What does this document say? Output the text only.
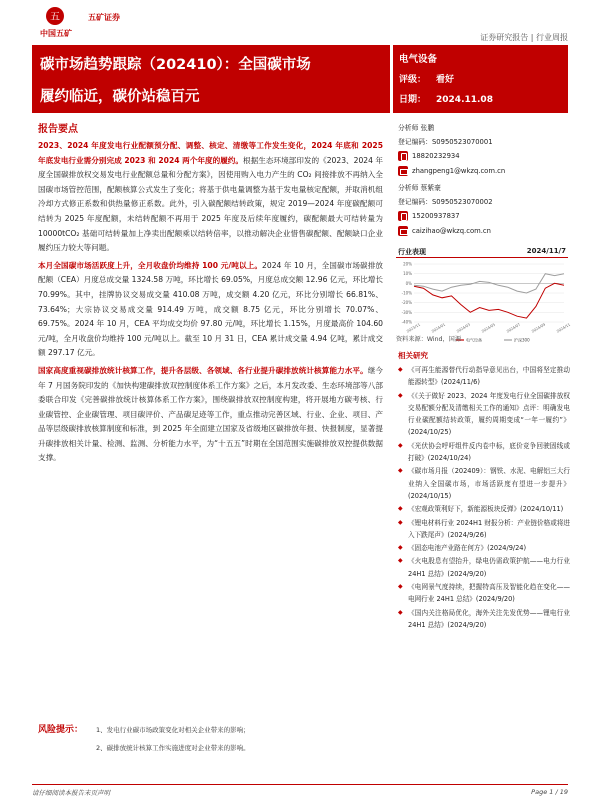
五
中国五矿
五矿证券
证券研究报告 | 行业周报
碳市场趋势跟踪（202410）：全国碳市场
履约临近，碳价站稳百元
电气设备
评级： 看好
日期： 2024.11.08
报告要点
2023、2024 年度发电行业配额预分配、调整、核定、清缴等工作发生变化，2024 年底和 2025 年底发电行业需分别完成 2023 和 2024 两个年度的履约。根据生态环境部印发的《2023、2024 年度全国碳排放权交易发电行业配额总量和分配方案》，因使用购入电力产生的 CO₂ 间接排放不再纳入全国碳市场管控范围，配额核算公式发生了变化；将基于供电量调整为基于发电量核定配额，并取消机组冷却方式修正系数和供热量修正系数。此外，引入碳配额结转政策，规定 2019—2024 年度碳配额可结转为 2025 年度配额，未结转配额不再用于 2025 年度及后续年度履约，碳配额最大可结转量为 10000tCO₂ 基础可结转量加上净卖出配额乘以结转倍率，以推动解决企业惜售碳配额、配额缺口企业履约压力较大等问题。
本月全国碳市场活跃度上升，全月收盘价均维持 100 元/吨以上。2024 年 10 月，全国碳市场碳排放配额（CEA）月度总成交量 1324.58 万吨，环比增长 69.05%，月度总成交额 12.96 亿元，环比增长 70.99%。其中，挂牌协议交易成交量 410.08 万吨，成交额 4.20 亿元，环比分别增长 66.81%、73.64%；大宗协议交易成交量 914.49 万吨，成交额 8.75 亿元，环比分别增长 70.07%、69.75%。2024 年 10 月，CEA 平均成交均价 97.80 元/吨，环比增长 1.15%，月度最高价 104.60 元/吨，全月收盘价均维持 100 元/吨以上。截至 10 月 31 日，CEA 累计成交量 4.94 亿吨，累计成交额 297.17 亿元。
国家高度重视碳排放统计核算工作，提升各层级、各领域、各行业提升碳排放统计核算能力水平。继今年 7 月国务院印发的《加快构建碳排放双控制度体系工作方案》之后，本月发改委、生态环境部等八部委联合印发《完善碳排放统计核算体系工作方案》，围绕碳排放双控制度构建，将开展地方碳考核、行业碳管控、企业碳管理、项目碳评价、产品碳足迹等工作，重点推动完善区域、行业、企业、项目、产品等层级碳排放核算制度和标准，到 2025 年全面建立国家及省级地区碳排放年报、快报制度，显著提升碳排放相关计量、检测、监测、分析能力水平，为“十五五”时期在全国范围实施碳排放双控提供数据支撑。
风险提示： 1、发电行业碳市场政策变化对相关企业带来的影响；
2、碳排放统计核算工作实施进度对企业带来的影响。
分析师 张鹏
登记编码：S0950523070001
18820232934
zhangpeng1@wkzq.com.cn
分析师 蔡紫豪
登记编码：S0950523070002
15200937837
caizihao@wkzq.com.cn
行业表现	2024/11/7
20%
10%
0%
-10%
-20%
-30%
-40%
2023/11	2024/01	2024/03	2024/05	2024/07	2024/09	2024/11
电气设备	沪深300
资料来源：Wind，国源
相关研究
◆ 《可再生能源替代行动指导意见出台，中国将坚定推动能源转型》(2024/11/6)
◆ 《《关于做好 2023、2024 年度发电行业全国碳排放权交易配额分配及清缴相关工作的通知》点评：明确发电行业碳配额结转政策，履约周期变成“一年一履约”》(2024/10/25)
◆ 《光伏协会呼吁组件反内卷中标，底价竞争回驶固线或打破》(2024/10/24)
◆ 《碳市场月报（202409）：钢铁、水泥、电解铝三大行业纳入全国碳市场，市场活跃度有望进一步提升》(2024/10/15)
◆ 《宏观政策利好下，新能源板块反弹》(2024/10/11)
◆ 《锂电材料行业 2024H1 财报分析：产业链价格或将进入下跌尾声》(2024/9/26)
◆ 《固态电池产业路在何方》(2024/9/24)
◆ 《火电股息有望抬升，绿电仍需政策护航——电力行业 24H1 总结》(2024/9/20)
◆ 《电网景气度持续，把握特高压及智能化趋在变化——电网行业 24H1 总结》(2024/9/20)
◆ 《国内关注格局优化，海外关注先发优势——锂电行业 24H1 总结》(2024/9/20)
请仔细阅读本报告末页声明	Page 1 / 19
